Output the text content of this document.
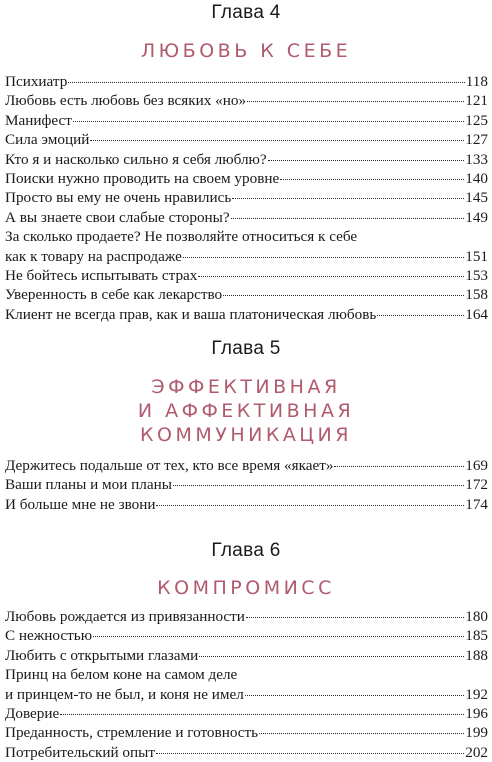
Глава 4
ЛЮБОВЬ К СЕБЕ
Психиатр	118
Любовь есть любовь без всяких «но»	121
Манифест	125
Сила эмоций	127
Кто я и насколько сильно я себя люблю?	133
Поиски нужно проводить на своем уровне	140
Просто вы ему не очень нравились	145
А вы знаете свои слабые стороны?	149
За сколько продаете? Не позволяйте относиться к себе
как к товару на распродаже	151
Не бойтесь испытывать страх	153
Уверенность в себе как лекарство	158
Клиент не всегда прав, как и ваша платоническая любовь	164
Глава 5
ЭФФЕКТИВНАЯ
И АФФЕКТИВНАЯ
КОММУНИКАЦИЯ
Держитесь подальше от тех, кто все время «якает»	169
Ваши планы и мои планы	172
И больше мне не звони	174
Глава 6
КОМПРОМИСС
Любовь рождается из привязанности	180
С нежностью	185
Любить с открытыми глазами	188
Принц на белом коне на самом деле
и принцем-то не был, и коня не имел	192
Доверие	196
Преданность, стремление и готовность	199
Потребительский опыт	202
